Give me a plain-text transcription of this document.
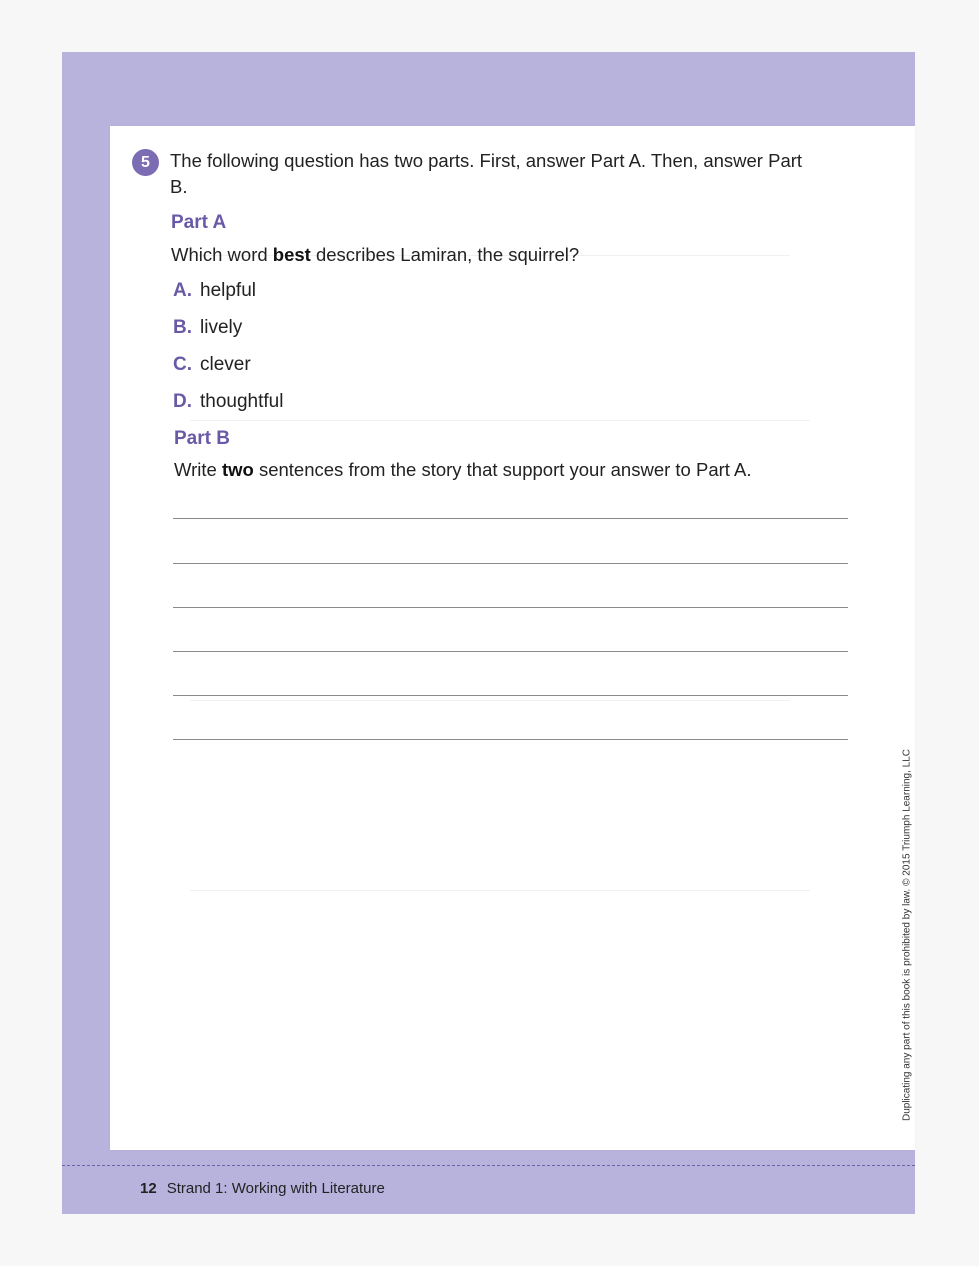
5	The following question has two parts. First, answer Part A. Then, answer Part B.
Part A
Which word best describes Lamiran, the squirrel?
A. helpful
B. lively
C. clever
D. thoughtful
Part B
Write two sentences from the story that support your answer to Part A.
Duplicating any part of this book is prohibited by law. © 2015 Triumph Learning, LLC
12 Strand 1: Working with Literature
